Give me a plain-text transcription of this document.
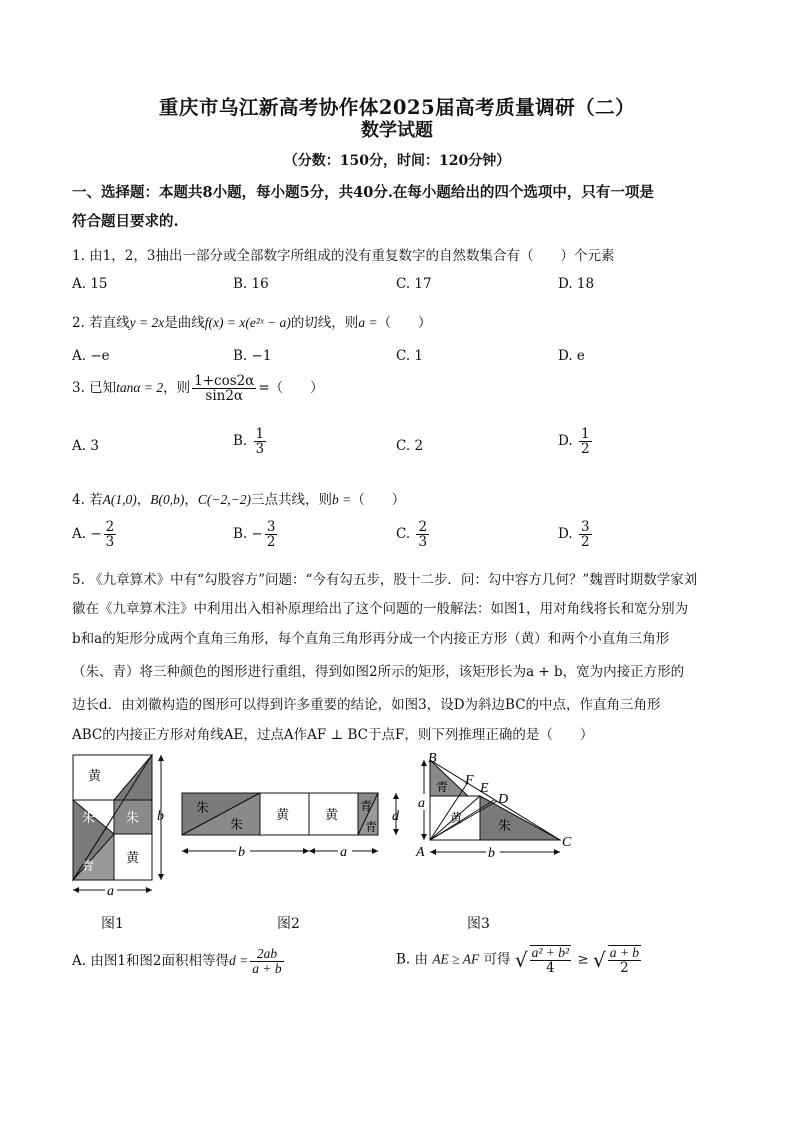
重庆市乌江新高考协作体2025届高考质量调研（二）
数学试题
（分数：150分，时间：120分钟）
一、选择题：本题共8小题，每小题5分，共40分.在每小题给出的四个选项中，只有一项是
符合题目要求的.
1. 由1，2，3抽出一部分或全部数字所组成的没有重复数字的自然数集合有（　　）个元素
A. 15	B. 16	C. 17	D. 18
2. 若直线y = 2x是曲线f(x) = x(e²ˣ − a)的切线，则a =（　　）
A. −e	B. −1	C. 1	D. e
3. 已知tanα = 2，则 $\frac{1+\cos 2\alpha}{\sin 2\alpha}$ =（　　）
A. 3	B. $\frac{1}{3}$	C. 2	D. $\frac{1}{2}$
4. 若A(1,0)，B(0,b)，C(−2,−2)三点共线，则b =（　　）
A. − $\frac{2}{3}$	B. − $\frac{3}{2}$	C. $\frac{2}{3}$	D. $\frac{3}{2}$
5. 《九章算术》中有“勾股容方”问题：“今有勾五步，股十二步．问：勾中容方几何？”魏晋时期数学家刘
徽在《九章算术注》中利用出入相补原理给出了这个问题的一般解法：如图1，用对角线将长和宽分别为
b和a的矩形分成两个直角三角形，每个直角三角形再分成一个内接正方形（黄）和两个小直角三角形
（朱、青）将三种颜色的图形进行重组，得到如图2所示的矩形，该矩形长为a + b，宽为内接正方形的
边长d．由刘徽构造的图形可以得到许多重要的结论，如图3，设D为斜边BC的中点，作直角三角形
ABC的内接正方形对角线AE，过点A作AF ⊥ BC于点F，则下列推理正确的是（　　）
黄 青
朱 朱
青 黄
b
a
朱
朱
黄	黄
青
青
d
b	a
青
黄
朱
B
F
E
D
C
A
a
b
图1	图2	图3
A. 由图1和图2面积相等得$d = \frac{2ab}{a + b}$	B. 由 AE ≥ AF 可得 √ $\frac{\text{a² + b²}}{4}$ ≥ √ $\frac{a + b}{2}$
